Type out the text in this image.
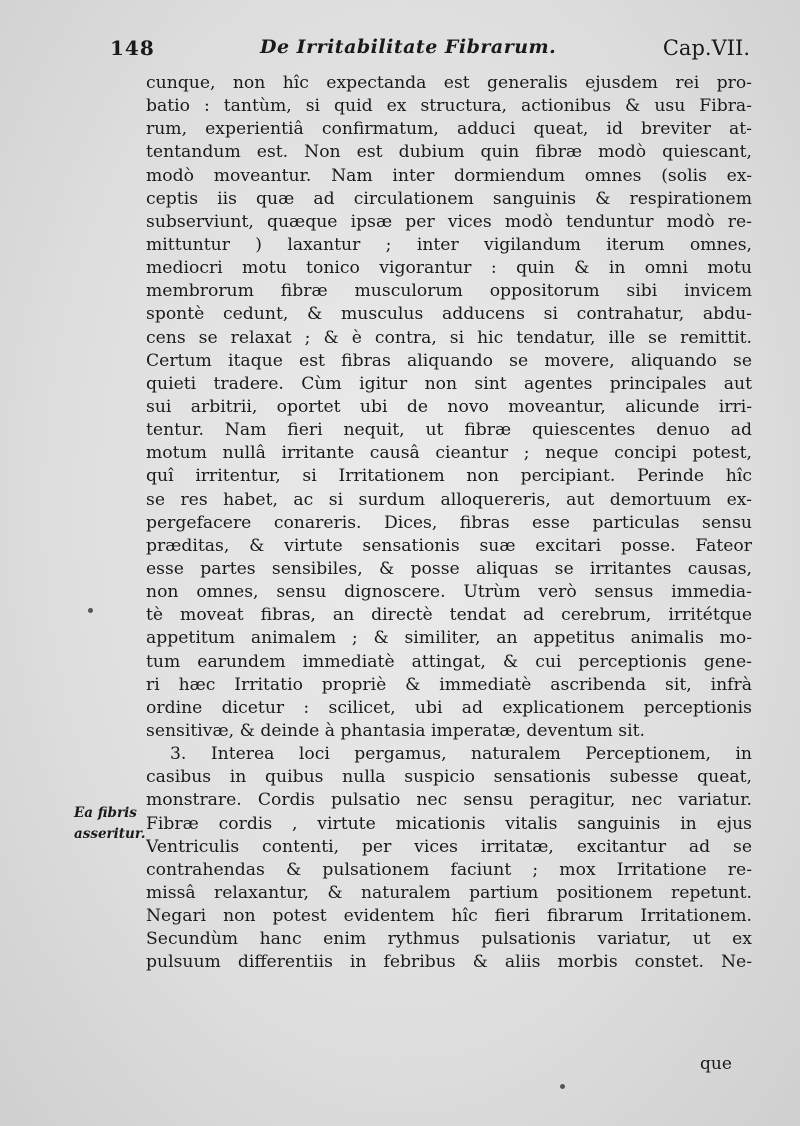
148	De Irritabilitate Fibrarum.	Cap.VII.
Ea fibris
asseritur.
cunque, non hîc expectanda est generalis ejusdem rei pro-
batio : tantùm, si quid ex structura, actionibus & usu Fibra-
rum, experientiâ confirmatum, adduci queat, id breviter at-
tentandum est. Non est dubium quin fibræ modò quiescant,
modò moveantur. Nam inter dormiendum omnes (solis ex-
ceptis iis quæ ad circulationem sanguinis & respirationem
subserviunt, quæque ipsæ per vices modò tenduntur modò re-
mittuntur ) laxantur ; inter vigilandum iterum omnes,
mediocri motu tonico vigorantur : quin & in omni motu
membrorum fibræ musculorum oppositorum sibi invicem
spontè cedunt, & musculus adducens si contrahatur, abdu-
cens se relaxat ; & è contra, si hic tendatur, ille se remittit.
Certum itaque est fibras aliquando se movere, aliquando se
quieti tradere. Cùm igitur non sint agentes principales aut
sui arbitrii, oportet ubi de novo moveantur, alicunde irri-
tentur. Nam fieri nequit, ut fibræ quiescentes denuo ad
motum nullâ irritante causâ cieantur ; neque concipi potest,
quî irritentur, si Irritationem non percipiant. Perinde hîc
se res habet, ac si surdum alloquereris, aut demortuum ex-
pergefacere conareris. Dices, fibras esse particulas sensu
præditas, & virtute sensationis suæ excitari posse. Fateor
esse partes sensibiles, & posse aliquas se irritantes causas,
non omnes, sensu dignoscere. Utrùm verò sensus immedia-
tè moveat fibras, an directè tendat ad cerebrum, irritétque
appetitum animalem ; & similiter, an appetitus animalis mo-
tum earundem immediatè attingat, & cui perceptionis gene-
ri hæc Irritatio propriè & immediatè ascribenda sit, infrà
ordine dicetur : scilicet, ubi ad explicationem perceptionis
sensitivæ, & deinde à phantasia imperatæ, deventum sit.
3. Interea loci pergamus, naturalem Perceptionem, in
casibus in quibus nulla suspicio sensationis subesse queat,
monstrare. Cordis pulsatio nec sensu peragitur, nec variatur.
Fibræ cordis , virtute micationis vitalis sanguinis in ejus
Ventriculis contenti, per vices irritatæ, excitantur ad se
contrahendas & pulsationem faciunt ; mox Irritatione re-
missâ relaxantur, & naturalem partium positionem repetunt.
Negari non potest evidentem hîc fieri fibrarum Irritationem.
Secundùm hanc enim rythmus pulsationis variatur, ut ex
pulsuum differentiis in febribus & aliis morbis constet. Ne-
que
